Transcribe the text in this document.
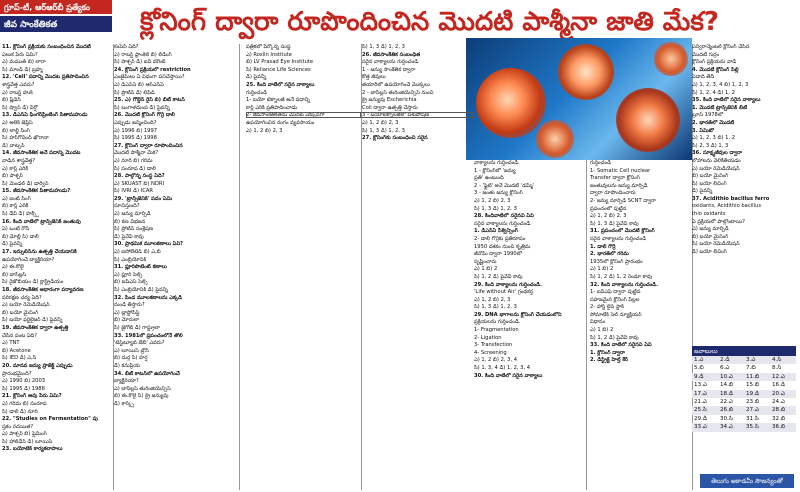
గ్రూప్-టీ, ఆర్‌ఆర్‌బీ ప్రత్యేకం
జీవ సాంకేతికత	క్లోనింగ్ ద్వారా రూపొందించిన మొదటి పాశ్మీనా జాతి మేక?
11. క్లోనింగ్ ప్రక్రియకు సంబంధించిన మొదటి
ఎలుక పేరు ఏమి?
ఎ) మముత్ బి) లారా
సి) మాండ్ డి) బ్రహ్మ
12. 'Cell' పదాన్ని మొదట ప్రతిపాదించిన
శాస్త్రవేత్త ఎవరు?
ఎ) రాబర్ట్ హుక్
బి) ష్లీడెన్
సి) ష్వాన్ డి) వీర్షో
13. డీఎన్‌ఏ ఫింగర్‌ప్రింటింగ్ పితామహుడు
ఎ) అలెక్ జెఫ్రీస్
బి) లాల్జీ సింగ్
సి) హర్‌గోవింద్ ఖొరానా
డి) వాట్సన్
14. జీవసాంకేతిక అనే పదాన్ని మొదట
వాడిన శాస్త్రవేత్త?
ఎ) కార్ల్ ఎరికీ
బి) పాశ్చర్
సి) మెండల్ డి) డార్విన్
15. జీవసాంకేతిక పితామహుడు?
ఎ) ఐంట్ సింగ్
బి) కార్ల్ ఎరికీ
సి) డేవీ డి) హక్స్లీ
16. కింది వాటిలో ట్రాన్స్‌జెనిక్ జంతువు
ఏ) ఒంటే రోసీ
బి) మోల్లీ సి) డాలీ
డి) పైవన్నీ
17. ఇన్సులిన్‌ను ఉత్పత్తి చేయడానికి
ఉపయోగించే బ్యాక్టీరియా?
ఎ) ఈ.కొలై
బి) బాసిల్లస్
సి) రైజోబియం డి) క్లాస్ట్రీడియం
18. జీవసాంకేతిక ఆధారంగా పర్యావరణ
పరిరక్షణ చర్య ఏది?
ఎ) బయో రెమెడియేషన్
బి) బయో మైనింగ్
సి) బయో ఫర్టిలైజర్ డి) పైవన్నీ
19. జీవసాంకేతిక ద్వారా ఉత్పత్తి
చేసిన పంట ఏది?
ఎ) TNT
బి) Acetone
సి) IED డి) ఎ,సి
20. మానవ జన్యు ప్రాజెక్ట్ ఎప్పుడు
ప్రారంభమైంది?
ఎ) 1990 బి) 2003
సి) 1995 డి) 1988
21. క్లోనింగ్ ఆవు పేరు ఏమి?
ఎ) గరిమ బి) సంరూప
సి) డాలీ డి) నూరి
22. "Studies on Fermentation" పు
స్తకం రచయిత?
ఎ) పాశ్చర్ బి) ఫ్లెమింగ్
సి) హాల్‌డేన్ డి) లూయిస్
23. బయోటెక్ కార్యకలాపాలు
కంపెనీ ఏది?
ఎ) రాబర్ట్ ఫ్రాంకెల్ బి) లీడింగ్
సి) పాశ్చర్ డి) ఐవీ మౌంట్
24. క్లోనింగ్ ప్రక్రియలో restriction
ఎంజైమ్‌లు ఏ విధంగా పనిచేస్తాయి?
ఎ) డీఎన్‌ఏ బి) ఆర్ఎన్ఏ
సి) ప్రొటీన్ డి) లిపిడ్
25. ఎ) గోల్డెన్ రైస్ బి) బీటీ కాటన్
సి) బంగాళదుంప డి) పైవన్నీ
26. మొదటి క్లోనింగ్ గొర్రె డాలీ
ఎప్పుడు జన్మించింది?
ఎ) 1996 బి) 1997
సి) 1995 డి) 1998
27. క్లోనింగ్ ద్వారా రూపొందించిన
మొదటి పాశ్మీనా మేక?
ఎ) నూరి బి) గరిమ
సి) సంరూప డి) డాలీ
28. పాల్గొన్న సంస్థ ఏది?
ఎ) SKUAST బి) NDRI
సి) IVRI డి) ICAR
29. 'ట్రాన్స్‌జెనిక్' పదం ఏమి
సూచిస్తుంది?
ఎ) జన్యు మార్పిడి
బి) కణ విభజన
సి) ప్రోటీన్ సంశ్లేషణ
డి) పైవేవీ కావు
30. ప్రాథమిక మూలకణాలు ఏవి?
ఎ) ఐసోలేటెడ్ బి) ఎ,బి
సి) ఎంబ్రియోనిక్
31. ప్లూరిపొటెంట్ కణాలు
ఎ) ప్లూరి సెల్స్
బి) ఐపీఎస్ సెల్స్
సి) ఎంబ్రియోనిక్ డి) పైవన్నీ
32. పిండ మూలకణాలను ఎక్కడి
నుండి తీస్తారు?
ఎ) బ్లాస్టోసిస్ట్
బి) మోరులా
సి) జైగోట్ డి) గాస్ట్రులా
33. 1981లో ప్రపంచంలోనే తొలి
'టెస్ట్‌ట్యూబ్ బేబీ' ఎవరు?
ఎ) లూయిస్ బ్రౌన్
బి) దుర్గ సి) హర్ష
డి) కనుప్రియ
34. బీటీ కాటన్‌లో ఉపయోగించే
బ్యాక్టీరియా?
ఎ) బాసిల్లస్ తురింజియెన్సిస్
బి) ఈ.కొలై సి) క్రై జన్యువు
డి) కార్క్స్
పత్రికలో పేర్కొన్న సంస్థ
ఎ) Roslin Institute
బి) LV Prasad Eye Institute
సి) Reliance Life Sciences
డి) పైవన్నీ
25. కింది వాటిలో సరైన వాక్యాలు
గుర్తించండి
1- బయో టెక్నాలజీ అనే పదాన్ని
కార్ల్ ఎరికీ ప్రతిపాదించాడు
2- జీవసాంకేతికతను మొదట ఎక్కువగా
ఉపయోగించిన రంగం వ్యవసాయం
ఎ) 1, 2 బి) 2, 3
సి) 1, 3 డి) 1, 2, 3
26. జీవసాంకేతిక సంబంధిత
సరైన వాక్యాలను గుర్తించండి.
1 - జన్యు సాంకేతిక ద్వారా
కొత్త జీవులు
తయారీలో ఉపయోగించే మొక్కలు
2 - బాసిల్లస్ తురింజియెన్సిస్ నుంచి
క్రై జన్యువు Escherichia
Coli ద్వారా ఉత్పత్తి చేస్తారు
3 - బయోటెక్నాలజీలో పశుపోషణ
ఎ) 1, 2 బి) 2, 3
సి) 1, 3 డి) 1, 2, 3
27. క్లోనింగ్‌కు సంబంధించి సరైన
వాక్యాలను గుర్తించండి.
1 - క్లోనింగ్‌లో 'జన్యు
ప్రతి' ఉంటుంది
2 - 'ఫ్లైటీ' అనే మొదటి 'డమ్మీ'
3 - జంతు జన్యు క్లోనింగ్
ఎ) 1, 2 బి) 2, 3
సి) 1, 3 డి) 1, 2, 3
28. కిందివాటిలో సరైనవి ఏవి
సరైన వాక్యాలను గుర్తించండి.
1. డీఎన్‌ఏ సీక్వెన్సింగ్
2- డాలీ గొర్రెకు ప్రతిరూపం
1950 దశకం నుంచి కృత్రిమ
జీనోమ్ ద్వారా 1990లో
సృష్టించారు
ఎ) 1 బి) 2
సి) 1, 2 డి) పైవేవీ కావు
29. కింది వాక్యాలను గుర్తించండి.
'Life without Air' గ్రంథకర్త
ఎ) 1, 2 బి) 2, 3
సి) 1, 3 డి) 1, 2, 3
29. DNA భాగాలను క్లోనింగ్ చేయడంలోని
ప్రక్రియలను గుర్తించండి.
1- Fragmentation
2- Ligation
3- Transfection
4- Screening
ఎ) 1, 2 బి) 2, 3, 4
సి) 1, 3, 4 డి) 1, 2, 3, 4
30. కింది వాటిలో సరైన వాక్యాలు
గుర్తించండి
1- Somatic Cell nuclear
Transfer ద్వారా క్లోనింగ్
జంతువులను జన్యు మార్పిడి
ద్వారా రూపొందించారు
2- జన్యు మార్పిడి SCNT ద్వారా
ప్రపంచంలో పుట్టిన
ఎ) 1, 2 బి) 2, 3
సి) 1, 3 డి) పైవేవీ కావు
31. ప్రపంచంలో మొదటి క్లోనింగ్
సరైన వాక్యాలను గుర్తించండి
1. డాలీ గొర్రె
2. భారత్‌లో గరిమ
1935లో క్లోనింగ్ ప్రారంభం
ఎ) 1 బి) 2
సి) 1, 2 డి) 1, 2 రెండూ కావు
32. కింది వాక్యాలను గుర్తించండి.
1- ఐవీఎఫ్ ద్వారా పుట్టిన
సహజమైన క్లోనింగ్ పిల్లల
2- హార్ట్ లైవ్ స్టాక్
సోమాటిక్ సెల్ న్యూక్లియర్
విధానం
ఎ) 1 బి) 2
సి) 1, 2 డి) పైవేవీ కావు
33. కింది వాటిలో సరైనవి ఏవి
1. క్లోనింగ్ ద్వారా
2. డిస్ట్రిక్ట్ హెల్త్ కేర్
ఎన్విరాన్మెంటల్ క్లోనింగ్ చేసిన
మొదటి గుర్రం
క్లోనింగ్ ప్రక్రియను వాడి
4. మొదటి క్లోనింగ్ పిల్లి
ఏడాది తేదీ
ఎ) 1, 2, 3, 4 బి) 1, 2, 3
సి) 1, 2, 4 డి) 1, 2
35. కింది వాటిలో సరైన వాక్యాలు
1. మొదటి ట్రాన్స్‌జెనిక్ బీటీ
బ్రూస్ 1978లో
2. భారత్‌లో మొదటి
3. ఏమిటో
ఎ) 1, 2, 3 బి) 1, 2
సి) 2, 3 డి) 1, 3
36. సూక్ష్మజీవుల ద్వారా
లోహాలను వెలికితీయడం
ఎ) బయో రెమెడియేషన్
బి) బయో మైనింగ్
సి) బయో లీచింగ్
డి) పైవన్నీ
37. Acidithio bacillus ferro
oxidants, Acidithio bacillus
thio oxidants
ఏ ప్రక్రియలో పాల్గొంటాయి?
ఎ) జన్యు మార్పిడి
బి) బయో మైనింగ్
సి) బయో రెమెడియేషన్
డి) బయో లీచింగ్
జవాబులు
1.ఎ	2.డి	3.ఎ	4.సి
5.బి	6.ఎ	7.బి	8.సి
9.డి	10.ఎ	11.బి	12.ఎ
13.ఎ	14.బి	15.బి	16.డి
17.ఎ	18.డి	19.డి	20.ఎ
21.ఎ	22.ఎ	23.బి	24.ఎ
25.సి	26.బి	27.ఎ	28.బి
29.డి	30.సి	31.సి	32.బి
33.ఎ	34.ఎ	35.సి	36.బి
తెలుగు అకాడమీ సౌజన్యంతో
